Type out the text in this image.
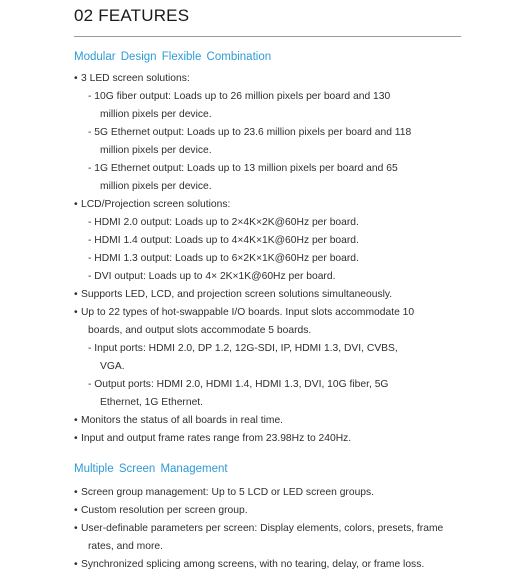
02 FEATURES
Modular Design Flexible Combination
• 3 LED screen solutions:
- 10G fiber output: Loads up to 26 million pixels per board and 130
million pixels per device.
- 5G Ethernet output: Loads up to 23.6 million pixels per board and 118
million pixels per device.
- 1G Ethernet output: Loads up to 13 million pixels per board and 65
million pixels per device.
• LCD/Projection screen solutions:
- HDMI 2.0 output: Loads up to 2×4K×2K@60Hz per board.
- HDMI 1.4 output: Loads up to 4×4K×1K@60Hz per board.
- HDMI 1.3 output: Loads up to 6×2K×1K@60Hz per board.
- DVI output: Loads up to 4× 2K×1K@60Hz per board.
• Supports LED, LCD, and projection screen solutions simultaneously.
• Up to 22 types of hot-swappable I/O boards. Input slots accommodate 10
boards, and output slots accommodate 5 boards.
- Input ports: HDMI 2.0, DP 1.2, 12G-SDI, IP, HDMI 1.3, DVI, CVBS,
VGA.
- Output ports: HDMI 2.0, HDMI 1.4, HDMI 1.3, DVI, 10G fiber, 5G
Ethernet, 1G Ethernet.
• Monitors the status of all boards in real time.
• Input and output frame rates range from 23.98Hz to 240Hz.
Multiple Screen Management
• Screen group management: Up to 5 LCD or LED screen groups.
• Custom resolution per screen group.
• User-definable parameters per screen: Display elements, colors, presets, frame
rates, and more.
• Synchronized splicing among screens, with no tearing, delay, or frame loss.
